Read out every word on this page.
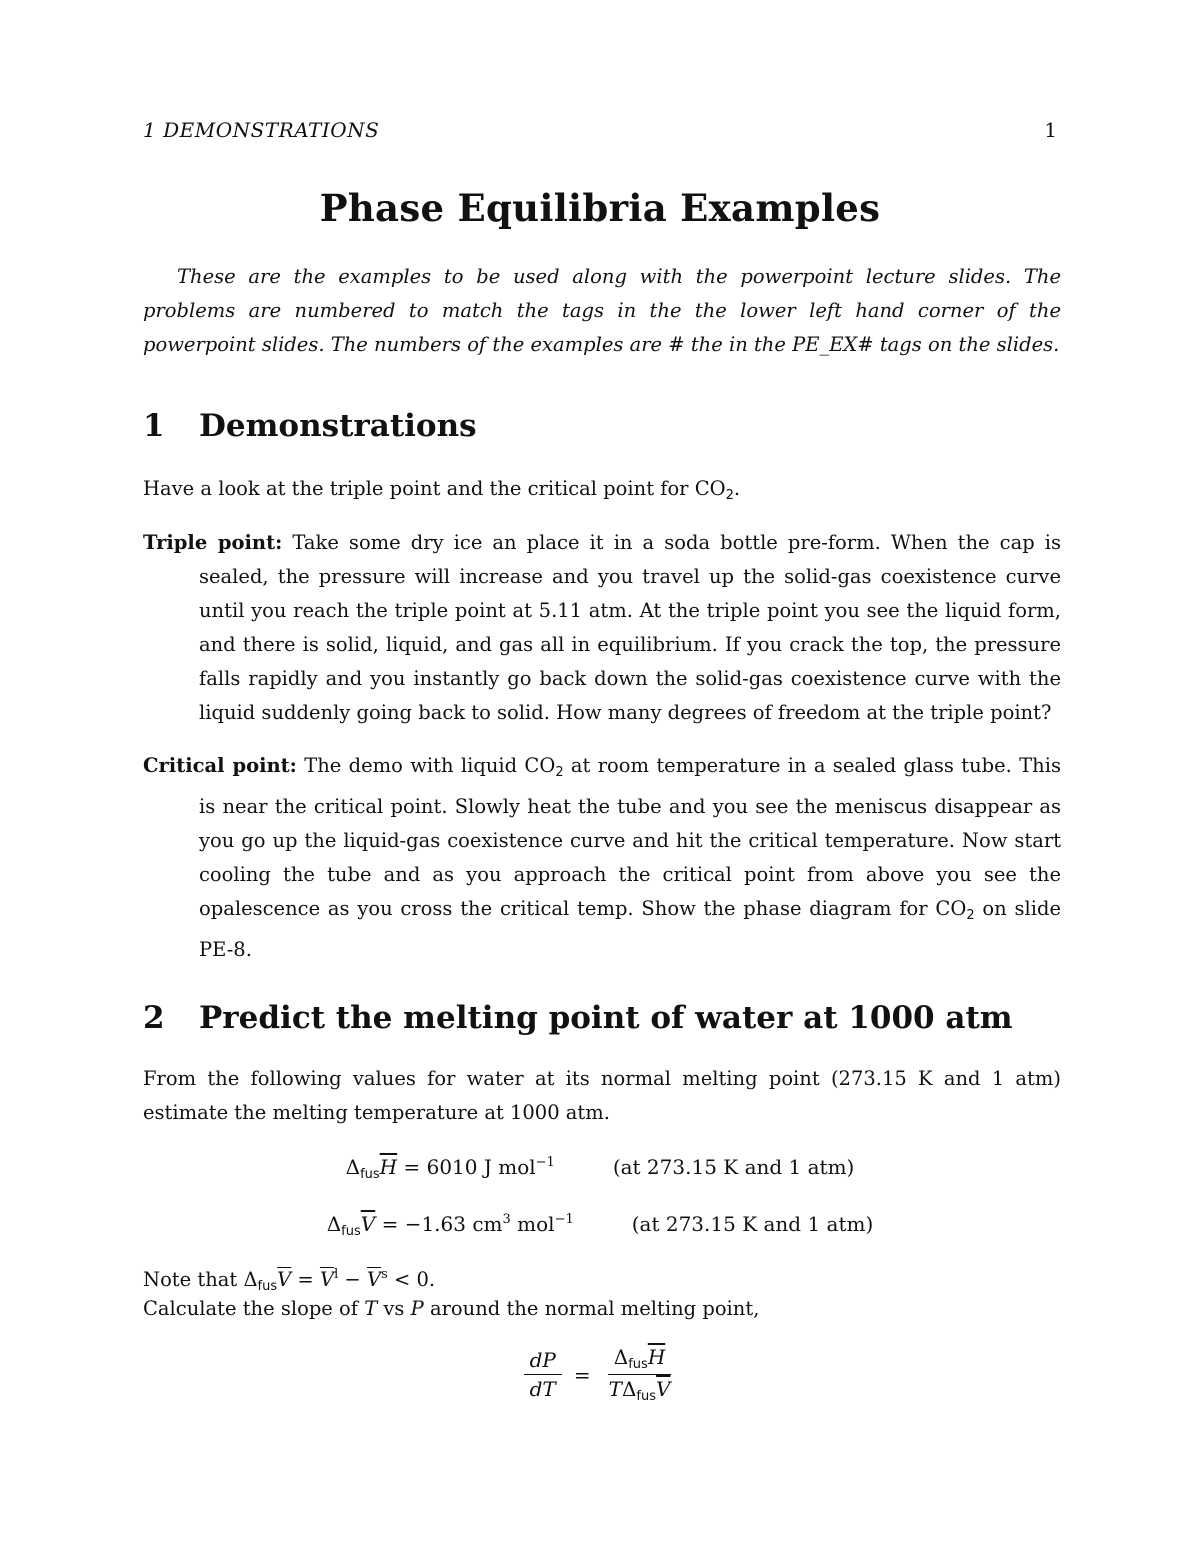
1 DEMONSTRATIONS	1
Phase Equilibria Examples
These are the examples to be used along with the powerpoint lecture slides. The problems are numbered to match the tags in the the lower left hand corner of the powerpoint slides. The numbers of the examples are # the in the PE_EX# tags on the slides.
1 Demonstrations
Have a look at the triple point and the critical point for $CO_2$.
Triple point: Take some dry ice an place it in a soda bottle pre-form. When the cap is sealed, the pressure will increase and you travel up the solid-gas coexistence curve until you reach the triple point at 5.11 atm. At the triple point you see the liquid form, and there is solid, liquid, and gas all in equilibrium. If you crack the top, the pressure falls rapidly and you instantly go back down the solid-gas coexistence curve with the liquid suddenly going back to solid. How many degrees of freedom at the triple point?
Critical point: The demo with liquid $CO_2$ at room temperature in a sealed glass tube. This is near the critical point. Slowly heat the tube and you see the meniscus disappear as you go up the liquid-gas coexistence curve and hit the critical temperature. Now start cooling the tube and as you approach the critical point from above you see the opalescence as you cross the critical temp. Show the phase diagram for $CO_2$ on slide PE-8.
2 Predict the melting point of water at 1000 atm
From the following values for water at its normal melting point (273.15 K and 1 atm) estimate the melting temperature at 1000 atm.
$\Delta_{fus}\overline{H} = 6010$ J mol$^{-1}$	(at 273.15 K and 1 atm)
$\Delta_{fus}\overline{V} = -1.63$ $cm^3$ mol$^{-1}$	(at 273.15 K and 1 atm)
Note that $\Delta_{fus}\overline{V} = \overline{V}^l - \overline{V}^s < 0$.
Calculate the slope of T vs P around the normal melting point,
$\frac{dP}{dT}$ =
$\Delta_{fus}\overline{H}$
$T\Delta_{fus}\overline{V}$
